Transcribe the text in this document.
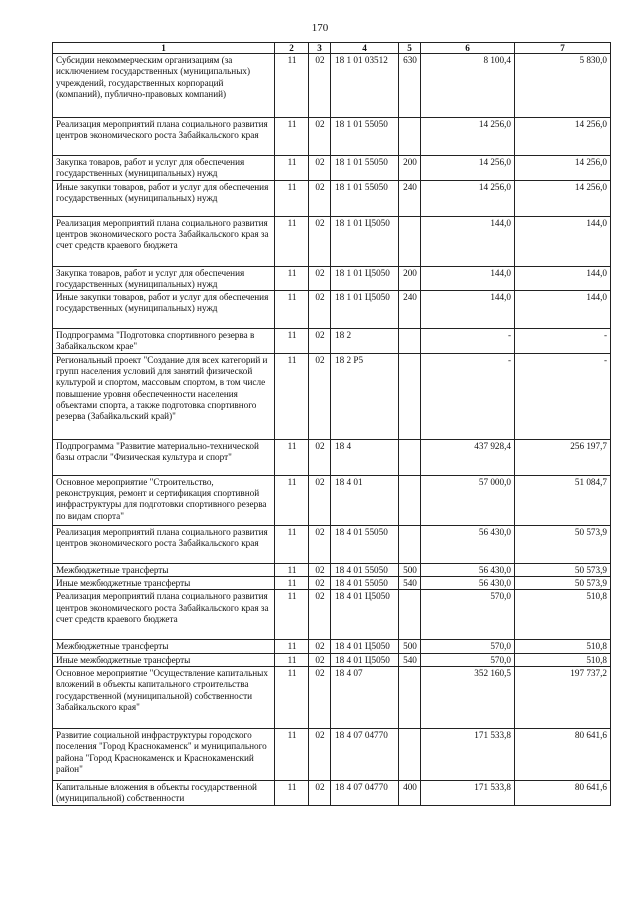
170
1	2	3	4	5	6	7
Субсидии некоммерческим организациям (за исключением государственных (муниципальных) учреждений, государственных корпораций (компаний), публично-правовых компаний)	11	02	18 1 01 03512	630	8 100,4	5 830,0
Реализация мероприятий плана социального развития центров экономического роста Забайкальского края	11	02	18 1 01 55050		14 256,0	14 256,0
Закупка товаров, работ и услуг для обеспечения государственных (муниципальных) нужд	11	02	18 1 01 55050	200	14 256,0	14 256,0
Иные закупки товаров, работ и услуг для обеспечения государственных (муниципальных) нужд	11	02	18 1 01 55050	240	14 256,0	14 256,0
Реализация мероприятий плана социального развития центров экономического роста Забайкальского края за счет средств краевого бюджета	11	02	18 1 01 Ц5050		144,0	144,0
Закупка товаров, работ и услуг для обеспечения государственных (муниципальных) нужд	11	02	18 1 01 Ц5050	200	144,0	144,0
Иные закупки товаров, работ и услуг для обеспечения государственных (муниципальных) нужд	11	02	18 1 01 Ц5050	240	144,0	144,0
Подпрограмма "Подготовка спортивного резерва в Забайкальском крае"	11	02	18 2		-	-
Региональный проект "Создание для всех категорий и групп населения условий для занятий физической культурой и спортом, массовым спортом, в том числе повышение уровня обеспеченности населения объектами спорта, а также подготовка спортивного резерва (Забайкальский край)"	11	02	18 2 P5		-	-
Подпрограмма "Развитие материально-технической базы отрасли "Физическая культура и спорт"	11	02	18 4		437 928,4	256 197,7
Основное мероприятие "Строительство, реконструкция, ремонт и сертификация спортивной инфраструктуры для подготовки спортивного резерва по видам спорта"	11	02	18 4 01		57 000,0	51 084,7
Реализация мероприятий плана социального развития центров экономического роста Забайкальского края	11	02	18 4 01 55050		56 430,0	50 573,9
Межбюджетные трансферты	11	02	18 4 01 55050	500	56 430,0	50 573,9
Иные межбюджетные трансферты	11	02	18 4 01 55050	540	56 430,0	50 573,9
Реализация мероприятий плана социального развития центров экономического роста Забайкальского края за счет средств краевого бюджета	11	02	18 4 01 Ц5050		570,0	510,8
Межбюджетные трансферты	11	02	18 4 01 Ц5050	500	570,0	510,8
Иные межбюджетные трансферты	11	02	18 4 01 Ц5050	540	570,0	510,8
Основное мероприятие "Осуществление капитальных вложений в объекты капитального строительства государственной (муниципальной) собственности Забайкальского края"	11	02	18 4 07		352 160,5	197 737,2
Развитие социальной инфраструктуры городского поселения "Город Краснокаменск" и муниципального района "Город Краснокаменск и Краснокаменский район"	11	02	18 4 07 04770		171 533,8	80 641,6
Капитальные вложения в объекты государственной (муниципальной) собственности	11	02	18 4 07 04770	400	171 533,8	80 641,6
